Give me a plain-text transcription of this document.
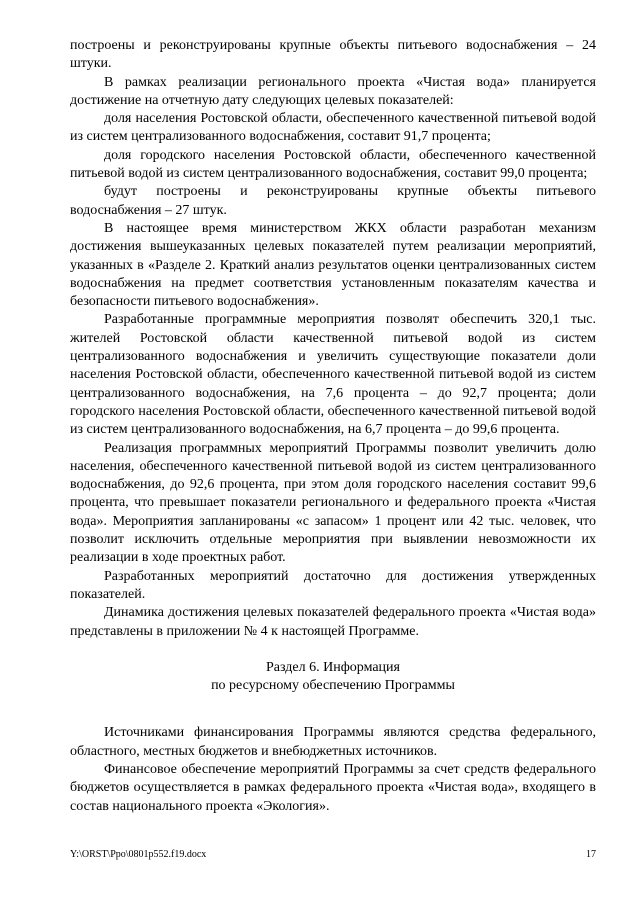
построены и реконструированы крупные объекты питьевого водоснабжения – 24 штуки.

В рамках реализации регионального проекта «Чистая вода» планируется достижение на отчетную дату следующих целевых показателей:

доля населения Ростовской области, обеспеченного качественной питьевой водой из систем централизованного водоснабжения, составит 91,7 процента;

доля городского населения Ростовской области, обеспеченного качественной питьевой водой из систем централизованного водоснабжения, составит 99,0 процента;

будут построены и реконструированы крупные объекты питьевого водоснабжения – 27 штук.

В настоящее время министерством ЖКХ области разработан механизм достижения вышеуказанных целевых показателей путем реализации мероприятий, указанных в «Разделе 2. Краткий анализ результатов оценки централизованных систем водоснабжения на предмет соответствия установленным показателям качества и безопасности питьевого водоснабжения».

Разработанные программные мероприятия позволят обеспечить 320,1 тыс. жителей Ростовской области качественной питьевой водой из систем централизованного водоснабжения и увеличить существующие показатели доли населения Ростовской области, обеспеченного качественной питьевой водой из систем централизованного водоснабжения, на 7,6 процента – до 92,7 процента; доли городского населения Ростовской области, обеспеченного качественной питьевой водой из систем централизованного водоснабжения, на 6,7 процента – до 99,6 процента.

Реализация программных мероприятий Программы позволит увеличить долю населения, обеспеченного качественной питьевой водой из систем централизованного водоснабжения, до 92,6 процента, при этом доля городского населения составит 99,6 процента, что превышает показатели регионального и федерального проекта «Чистая вода». Мероприятия запланированы «с запасом» 1 процент или 42 тыс. человек, что позволит исключить отдельные мероприятия при выявлении невозможности их реализации в ходе проектных работ.

Разработанных мероприятий достаточно для достижения утвержденных показателей.

Динамика достижения целевых показателей федерального проекта «Чистая вода» представлены в приложении № 4 к настоящей Программе.

Раздел 6. Информация

по ресурсному обеспечению Программы

Источниками финансирования Программы являются средства федерального, областного, местных бюджетов и внебюджетных источников.

Финансовое обеспечение мероприятий Программы за счет средств федерального бюджетов осуществляется в рамках федерального проекта «Чистая вода», входящего в состав национального проекта «Экология».

Y:\ORST\Ppo\0801p552.f19.docx	17
